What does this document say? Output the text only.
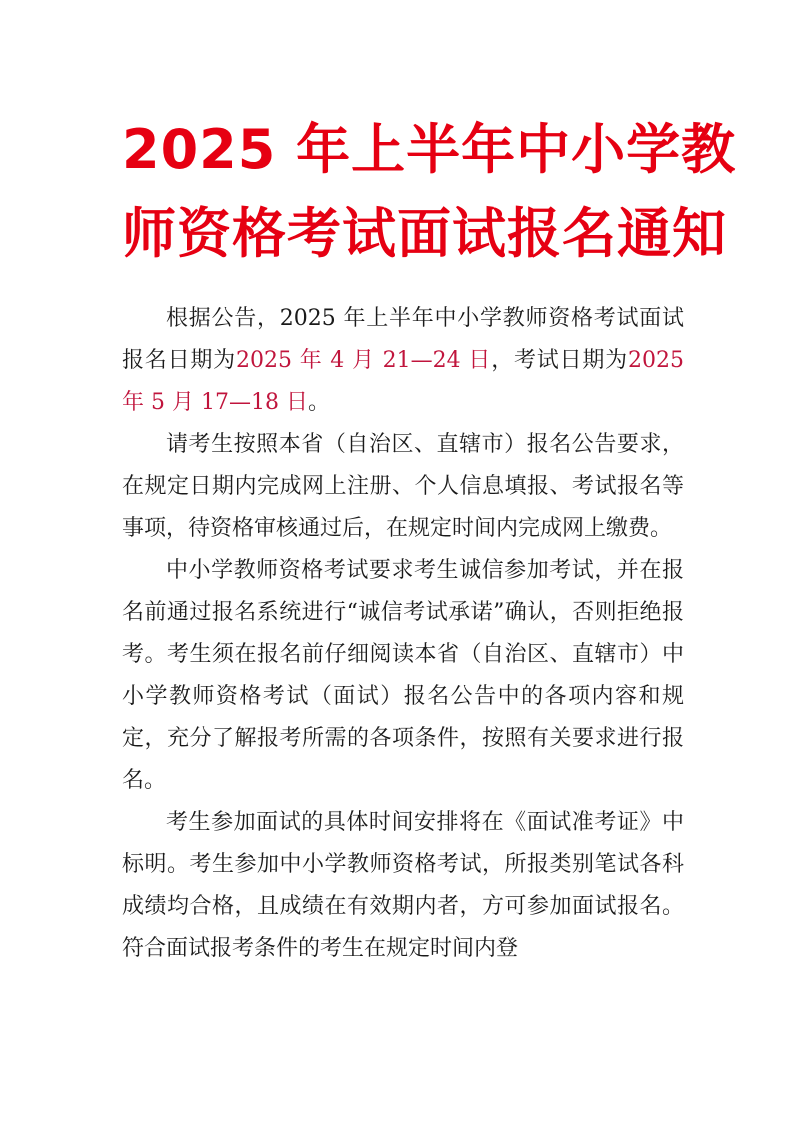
2025 年上半年中小学教
师资格考试面试报名通知

根据公告，2025 年上半年中小学教师资格考试面试报名日期为2025 年 4 月 21—24 日，考试日期为2025 年 5 月 17—18 日。

请考生按照本省（自治区、直辖市）报名公告要求，在规定日期内完成网上注册、个人信息填报、考试报名等事项，待资格审核通过后，在规定时间内完成网上缴费。

中小学教师资格考试要求考生诚信参加考试，并在报名前通过报名系统进行“诚信考试承诺”确认，否则拒绝报考。考生须在报名前仔细阅读本省（自治区、直辖市）中小学教师资格考试（面试）报名公告中的各项内容和规定，充分了解报考所需的各项条件，按照有关要求进行报名。

考生参加面试的具体时间安排将在《面试准考证》中标明。考生参加中小学教师资格考试，所报类别笔试各科成绩均合格，且成绩在有效期内者，方可参加面试报名。符合面试报考条件的考生在规定时间内登
